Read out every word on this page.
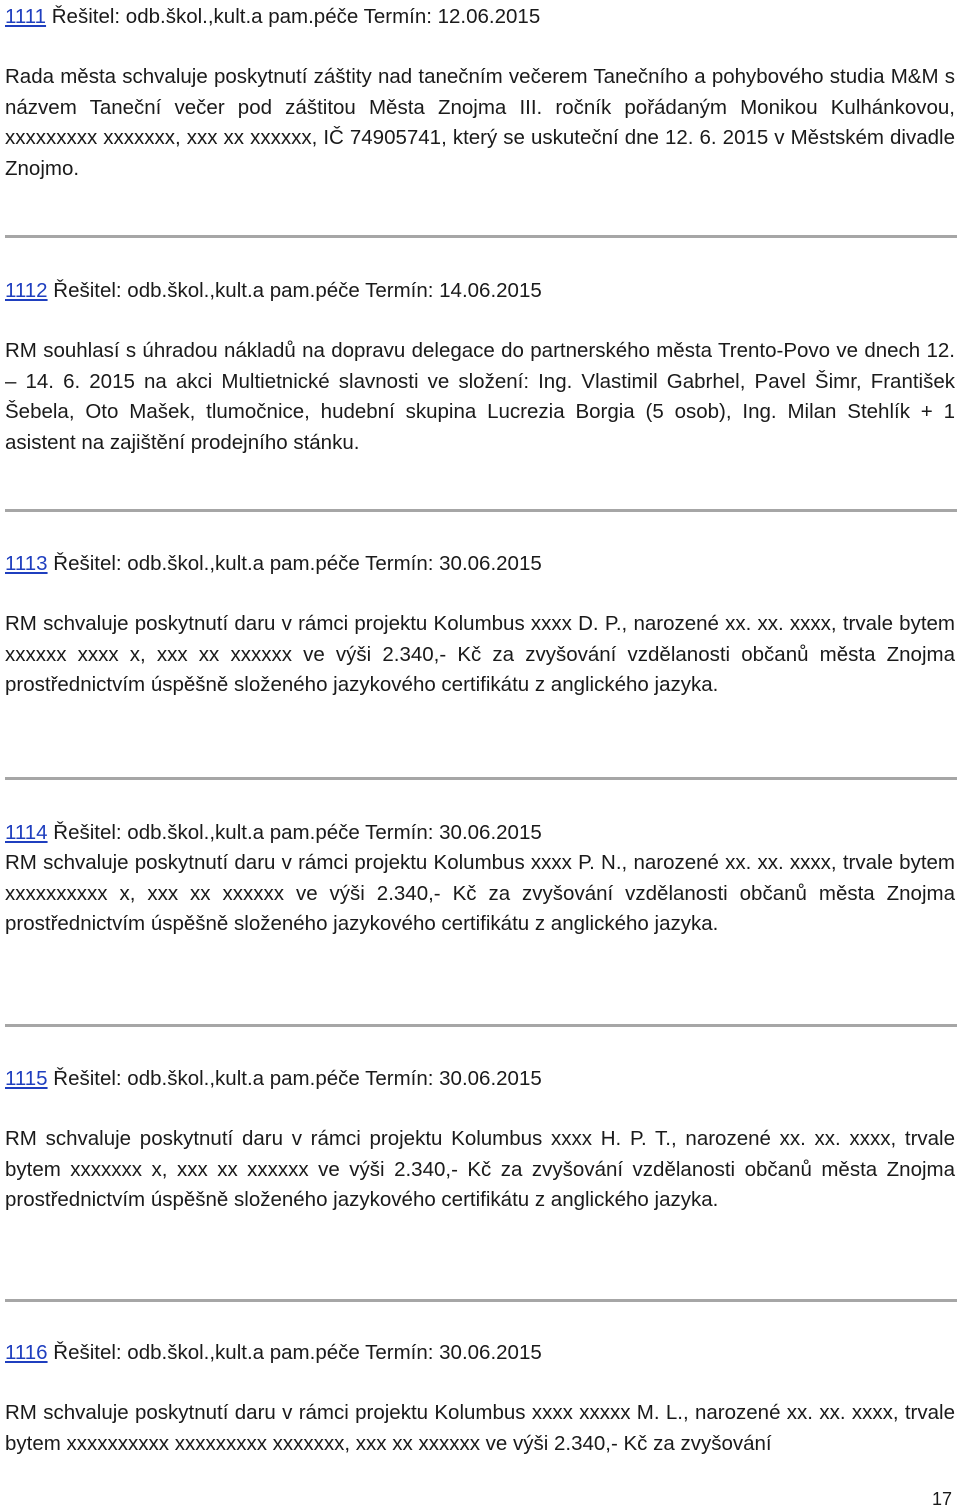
1111 Řešitel: odb.škol.,kult.a pam.péče Termín: 12.06.2015
Rada města schvaluje poskytnutí záštity nad tanečním večerem Tanečního a pohybového studia M&M s názvem Taneční večer pod záštitou Města Znojma III. ročník pořádaným Monikou Kulhánkovou, xxxxxxxxx xxxxxxx, xxx xx xxxxxx, IČ 74905741, který se uskuteční dne 12. 6. 2015 v Městském divadle Znojmo.
1112 Řešitel: odb.škol.,kult.a pam.péče Termín: 14.06.2015
RM souhlasí s úhradou nákladů na dopravu delegace do partnerského města Trento-Povo ve dnech 12. – 14. 6. 2015 na akci Multietnické slavnosti ve složení: Ing. Vlastimil Gabrhel, Pavel Šimr, František Šebela, Oto Mašek, tlumočnice, hudební skupina Lucrezia Borgia (5 osob), Ing. Milan Stehlík + 1 asistent na zajištění prodejního stánku.
1113 Řešitel: odb.škol.,kult.a pam.péče Termín: 30.06.2015
RM schvaluje poskytnutí daru v rámci projektu Kolumbus xxxx D. P., narozené xx. xx. xxxx, trvale bytem xxxxxx xxxx x, xxx xx xxxxxx ve výši 2.340,- Kč za zvyšování vzdělanosti občanů města Znojma prostřednictvím úspěšně složeného jazykového certifikátu z anglického jazyka.
1114 Řešitel: odb.škol.,kult.a pam.péče Termín: 30.06.2015
RM schvaluje poskytnutí daru v rámci projektu Kolumbus xxxx P. N., narozené xx. xx. xxxx, trvale bytem xxxxxxxxxx x, xxx xx xxxxxx ve výši 2.340,- Kč za zvyšování vzdělanosti občanů města Znojma prostřednictvím úspěšně složeného jazykového certifikátu z anglického jazyka.
1115 Řešitel: odb.škol.,kult.a pam.péče Termín: 30.06.2015
RM schvaluje poskytnutí daru v rámci projektu Kolumbus xxxx H. P. T., narozené xx. xx. xxxx, trvale bytem xxxxxxx x, xxx xx xxxxxx ve výši 2.340,- Kč za zvyšování vzdělanosti občanů města Znojma prostřednictvím úspěšně složeného jazykového certifikátu z anglického jazyka.
1116 Řešitel: odb.škol.,kult.a pam.péče Termín: 30.06.2015
RM schvaluje poskytnutí daru v rámci projektu Kolumbus xxxx xxxxx M. L., narozené xx. xx. xxxx, trvale bytem xxxxxxxxxx xxxxxxxxx xxxxxxx, xxx xx xxxxxx ve výši 2.340,- Kč za zvyšování
17
